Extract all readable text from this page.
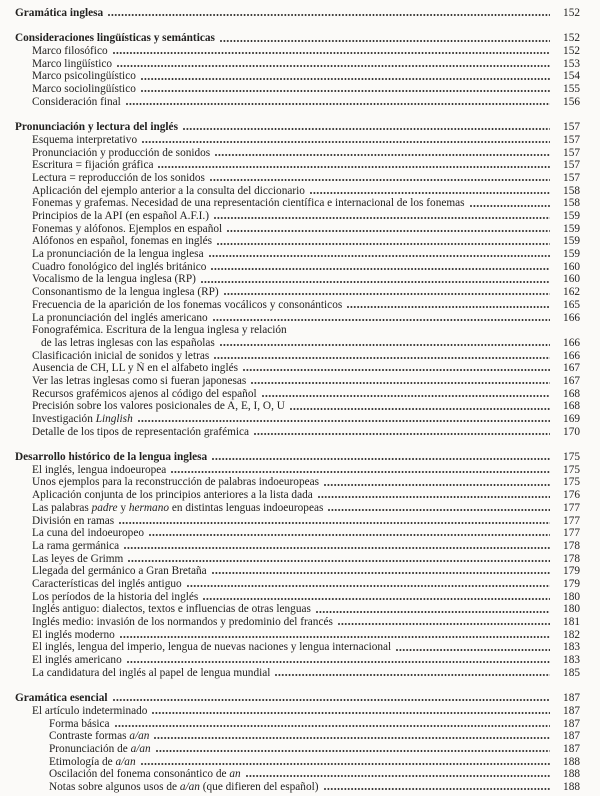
Gramática inglesa	152
Consideraciones lingüísticas y semánticas	152
Marco filosófico	152
Marco lingüístico	153
Marco psicolingüístico	154
Marco sociolingüístico	155
Consideración final	156
Pronunciación y lectura del inglés	157
Esquema interpretativo	157
Pronunciación y producción de sonidos	157
Escritura = fijación gráfica	157
Lectura = reproducción de los sonidos	157
Aplicación del ejemplo anterior a la consulta del diccionario	158
Fonemas y grafemas. Necesidad de una representación científica e internacional de los fonemas	158
Principios de la API (en español A.F.I.)	159
Fonemas y alófonos. Ejemplos en español	159
Alófonos en español, fonemas en inglés	159
La pronunciación de la lengua inglesa	159
Cuadro fonológico del inglés británico	160
Vocalismo de la lengua inglesa (RP)	160
Consonantismo de la lengua inglesa (RP)	162
Frecuencia de la aparición de los fonemas vocálicos y consonánticos	165
La pronunciación del inglés americano	166
Fonografémica. Escritura de la lengua inglesa y relación
de las letras inglesas con las españolas	166
Clasificación inicial de sonidos y letras	166
Ausencia de CH, LL y Ñ en el alfabeto inglés	167
Ver las letras inglesas como si fueran japonesas	167
Recursos grafémicos ajenos al código del español	168
Precisión sobre los valores posicionales de A, E, I, O, U	168
Investigación Linglish	169
Detalle de los tipos de representación grafémica	170
Desarrollo histórico de la lengua inglesa	175
El inglés, lengua indoeuropea	175
Unos ejemplos para la reconstrucción de palabras indoeuropeas	175
Aplicación conjunta de los principios anteriores a la lista dada	176
Las palabras padre y hermano en distintas lenguas indoeuropeas	177
División en ramas	177
La cuna del indoeuropeo	177
La rama germánica	178
Las leyes de Grimm	178
Llegada del germánico a Gran Bretaña	179
Características del inglés antiguo	179
Los períodos de la historia del inglés	180
Inglés antiguo: dialectos, textos e influencias de otras lenguas	180
Inglés medio: invasión de los normandos y predominio del francés	181
El inglés moderno	182
El inglés, lengua del imperio, lengua de nuevas naciones y lengua internacional	183
El inglés americano	183
La candidatura del inglés al papel de lengua mundial	185
Gramática esencial	187
El artículo indeterminado	187
Forma básica	187
Contraste formas a/an	187
Pronunciación de a/an	187
Etimología de a/an	188
Oscilación del fonema consonántico de an	188
Notas sobre algunos usos de a/an (que difieren del español)	188
